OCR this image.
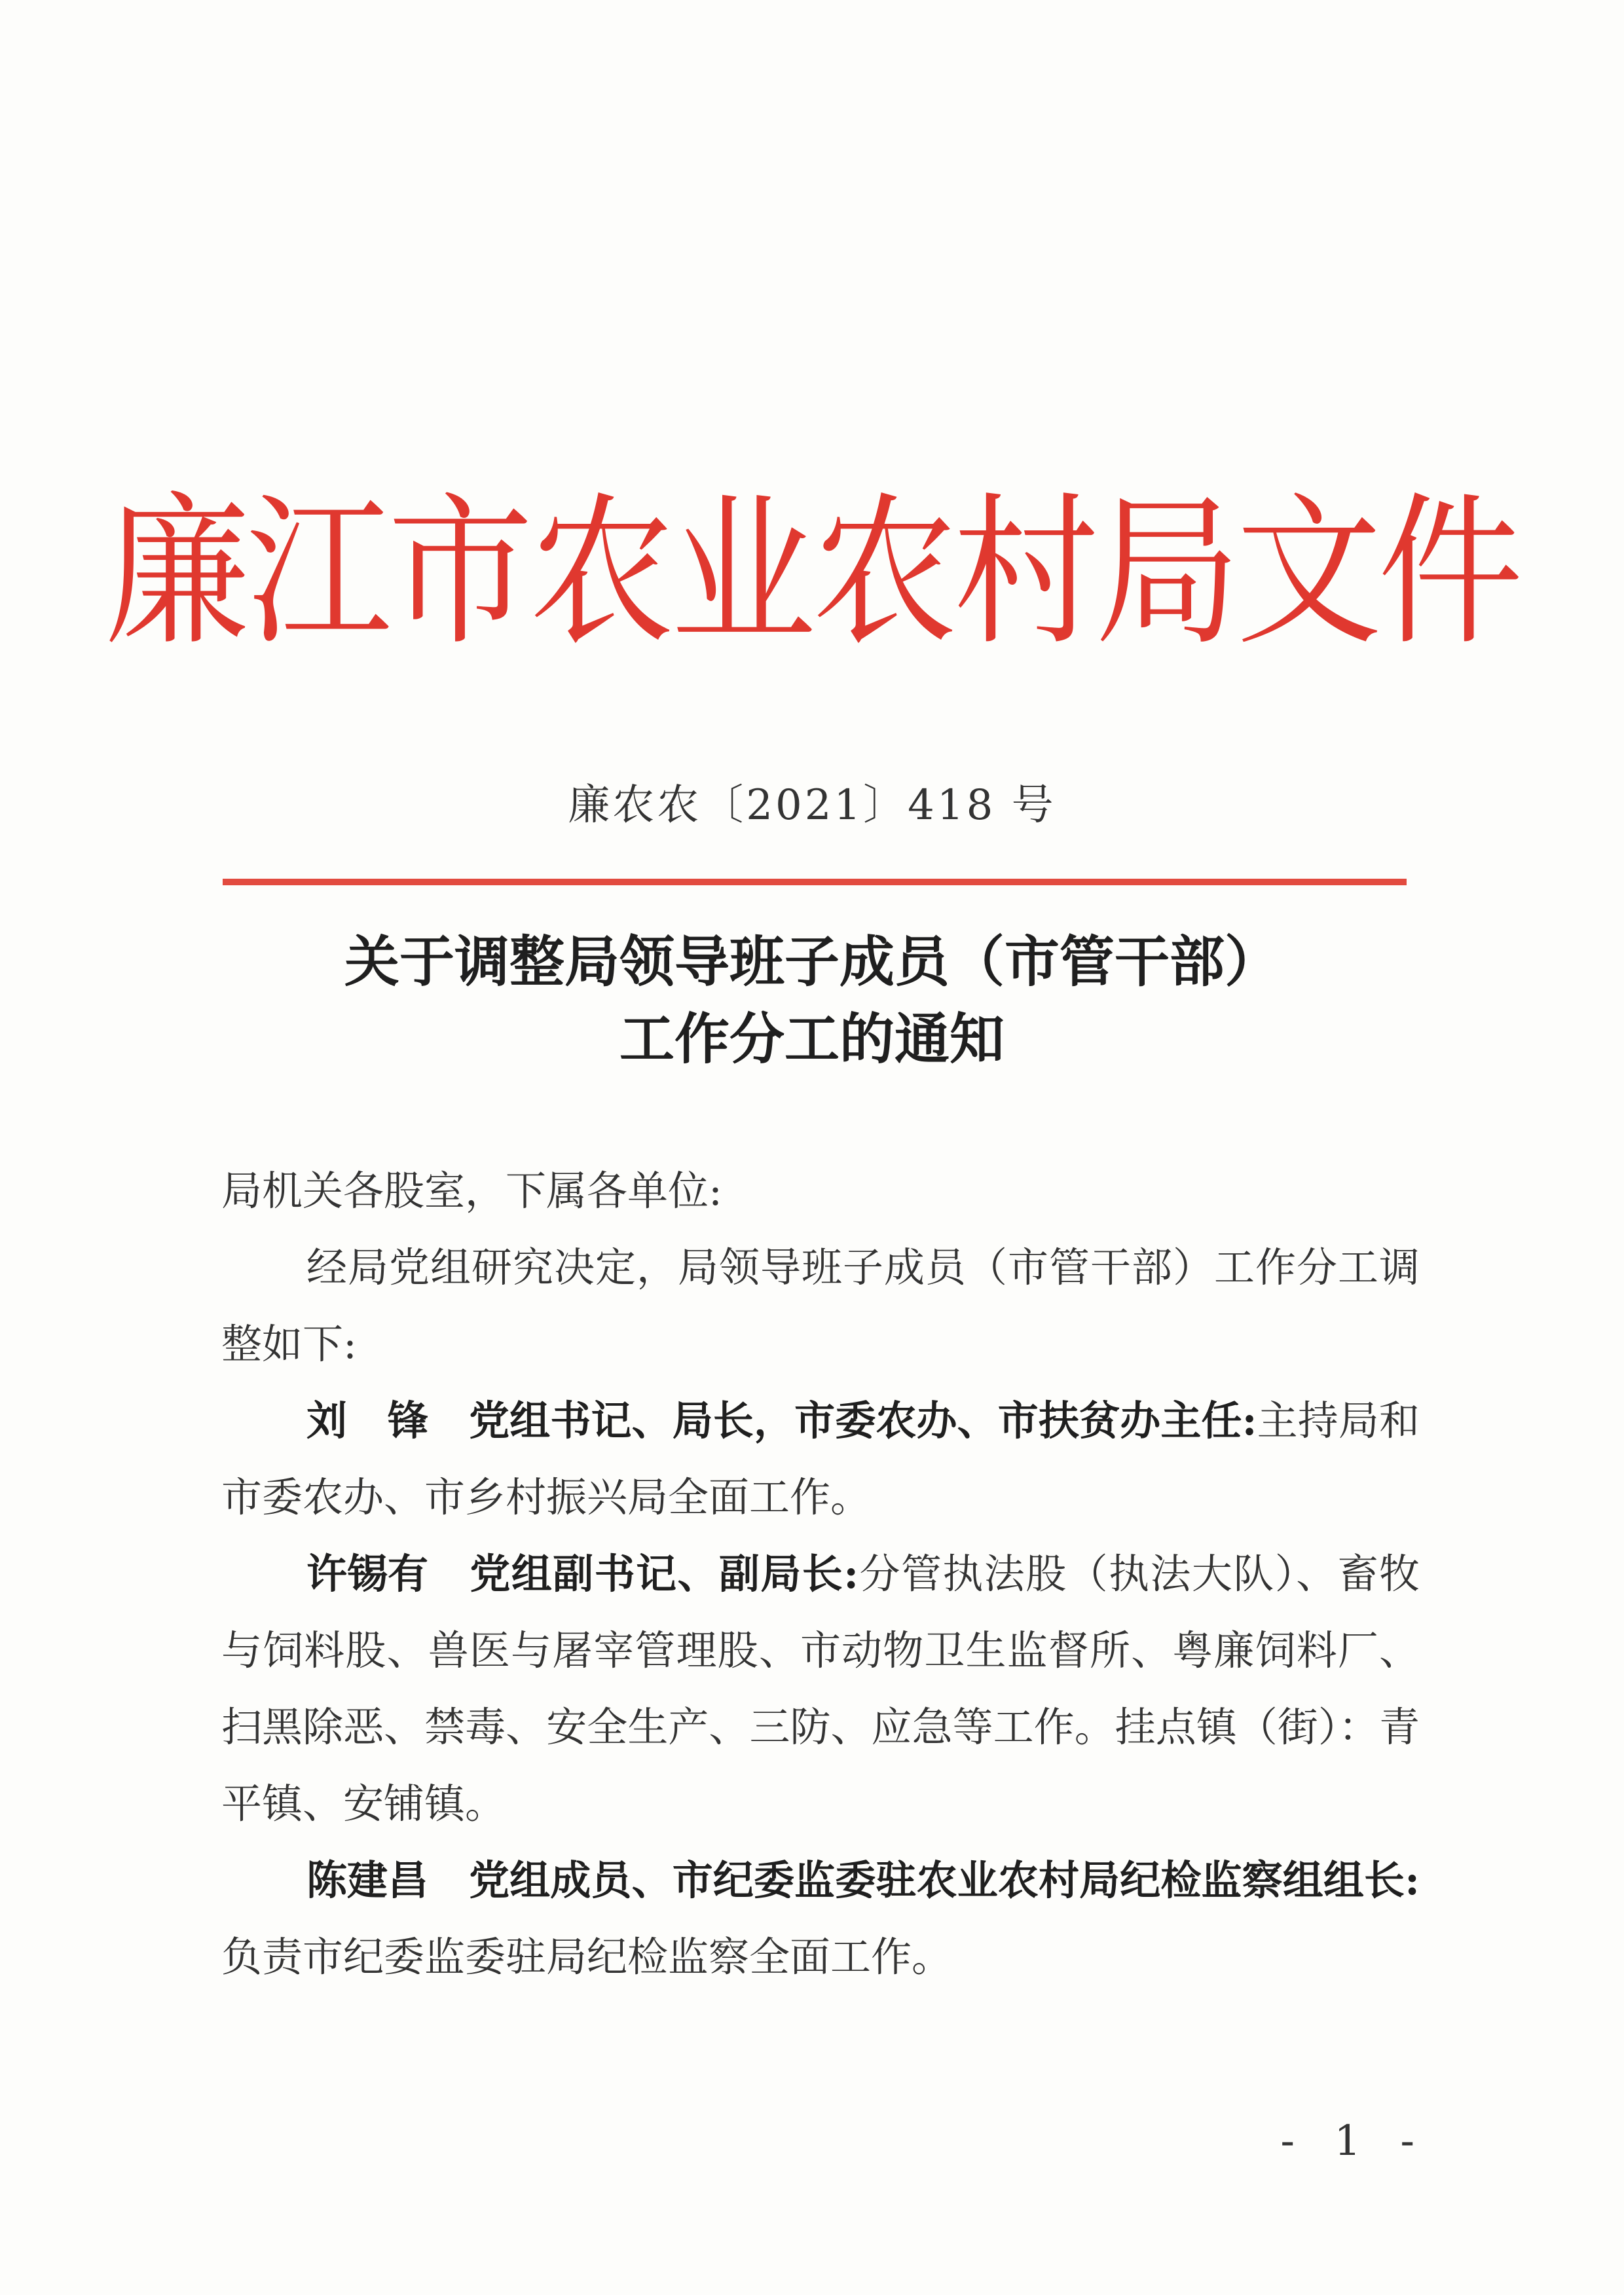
廉江市农业农村局文件
廉农农〔2021〕418 号
关于调整局领导班子成员（市管干部）
工作分工的通知

局机关各股室，下属各单位:

经局党组研究决定，局领导班子成员（市管干部）工作分工调整如下:

刘　锋 党组书记、局长，市委农办、市扶贫办主任:主持局和市委农办、市乡村振兴局全面工作。

许锡有 党组副书记、副局长:分管执法股（执法大队）、畜牧与饲料股、兽医与屠宰管理股、市动物卫生监督所、粤廉饲料厂、扫黑除恶、禁毒、安全生产、三防、应急等工作。挂点镇（街）：青平镇、安铺镇。

陈建昌 党组成员、市纪委监委驻农业农村局纪检监察组组长:负责市纪委监委驻局纪检监察全面工作。

- 1 -
